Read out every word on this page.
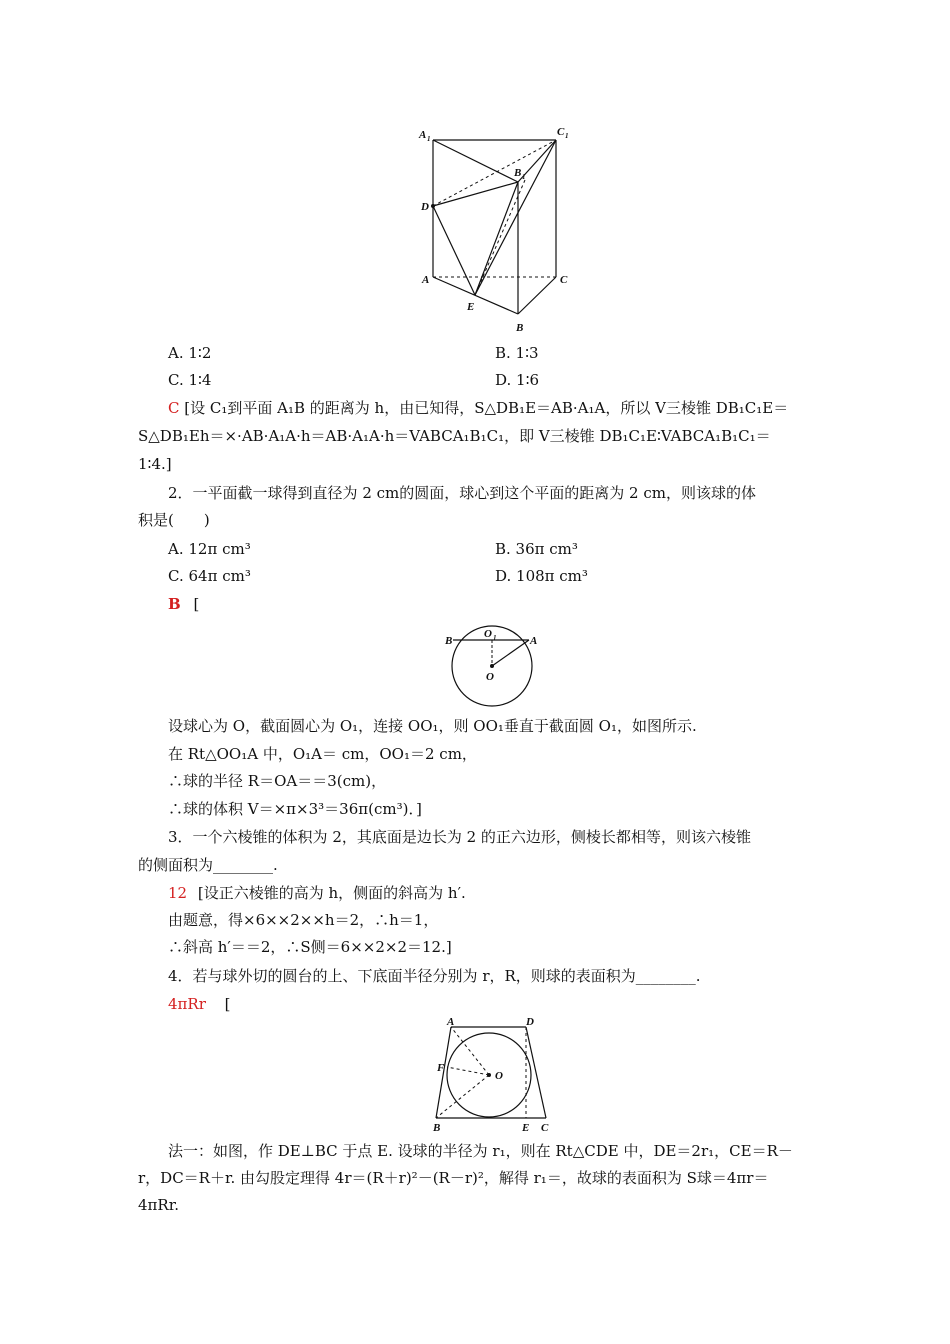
A 1
C 1
B 1
D
A	C
E
B
A. 1∶2	B. 1∶3
C. 1∶4	D. 1∶6
C [设 C₁到平面 A₁B 的距离为 h，由已知得，S△DB₁E＝AB·A₁A，所以 V三棱锥 DB₁C₁E＝
S△DB₁Eh＝×·AB·A₁A·h＝AB·A₁A·h＝VABCA₁B₁C₁，即 V三棱锥 DB₁C₁E∶VABCA₁B₁C₁＝
1∶4.]
2．一平面截一球得到直径为 2 cm的圆面，球心到这个平面的距离为 2 cm，则该球的体
积是(　　)
A. 12π cm³	B. 36π cm³
C. 64π cm³	D. 108π cm³
B [
B
O 1	A
O
设球心为 O，截面圆心为 O₁，连接 OO₁，则 OO₁垂直于截面圆 O₁，如图所示.
在 Rt△OO₁A 中，O₁A＝ cm，OO₁＝2 cm，
∴球的半径 R＝OA＝＝3(cm)，
∴球的体积 V＝×π×3³＝36π(cm³)．]
3．一个六棱锥的体积为 2，其底面是边长为 2 的正六边形，侧棱长都相等，则该六棱锥
的侧面积为________.
12 [设正六棱锥的高为 h，侧面的斜高为 h′.
由题意，得×6××2××h＝2，∴h＝1，
∴斜高 h′＝＝2，∴S侧＝6××2×2＝12.]
4．若与球外切的圆台的上、下底面半径分别为 r，R，则球的表面积为________.
4πRr [
A	D
F
O
B	E C
法一：如图，作 DE⊥BC 于点 E. 设球的半径为 r₁，则在 Rt△CDE 中，DE＝2r₁，CE＝R－
r，DC＝R＋r. 由勾股定理得 4r＝(R＋r)²－(R－r)²，解得 r₁＝，故球的表面积为 S球＝4πr＝
4πRr.
